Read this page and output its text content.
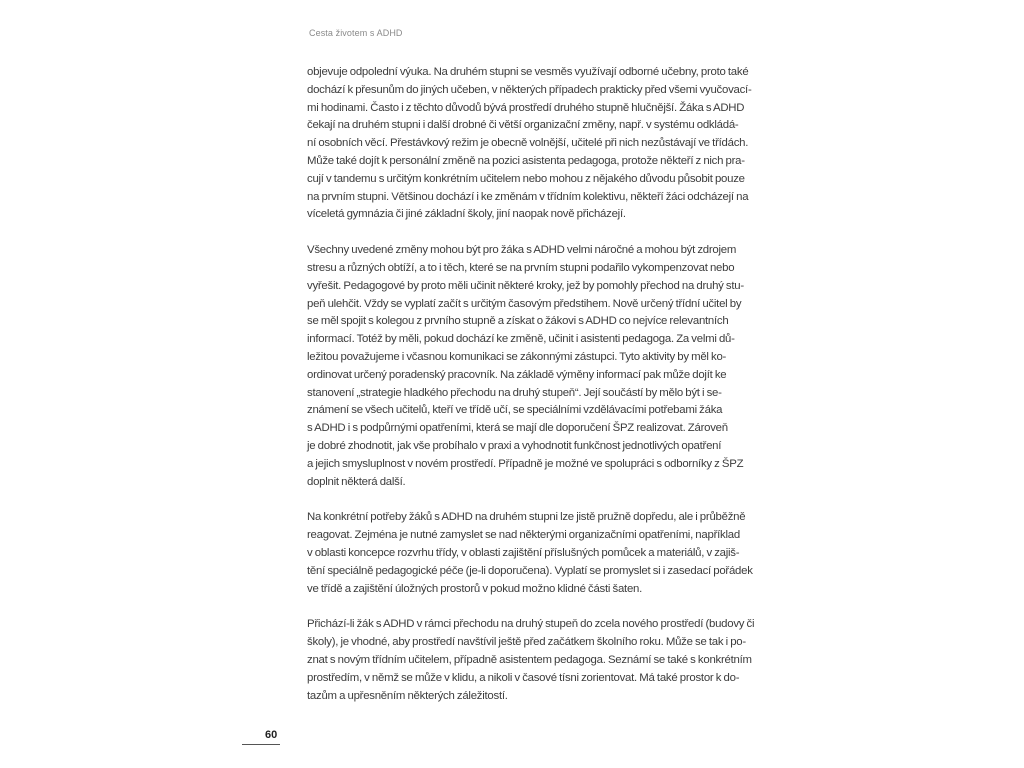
Cesta životem s ADHD

objevuje odpolední výuka. Na druhém stupni se vesměs využívají odborné učebny, proto také
dochází k přesunům do jiných učeben, v některých případech prakticky před všemi vyučovací-
mi hodinami. Často i z těchto důvodů bývá prostředí druhého stupně hlučnější. Žáka s ADHD
čekají na druhém stupni i další drobné či větší organizační změny, např. v systému odkládá-
ní osobních věcí. Přestávkový režim je obecně volnější, učitelé při nich nezůstávají ve třídách.
Může také dojít k personální změně na pozici asistenta pedagoga, protože někteří z nich pra-
cují v tandemu s určitým konkrétním učitelem nebo mohou z nějakého důvodu působit pouze
na prvním stupni. Většinou dochází i ke změnám v třídním kolektivu, někteří žáci odcházejí na
víceletá gymnázia či jiné základní školy, jiní naopak nově přicházejí.

Všechny uvedené změny mohou být pro žáka s ADHD velmi náročné a mohou být zdrojem
stresu a různých obtíží, a to i těch, které se na prvním stupni podařilo vykompenzovat nebo
vyřešit. Pedagogové by proto měli učinit některé kroky, jež by pomohly přechod na druhý stu-
peň ulehčit. Vždy se vyplatí začít s určitým časovým předstihem. Nově určený třídní učitel by
se měl spojit s kolegou z prvního stupně a získat o žákovi s ADHD co nejvíce relevantních
informací. Totéž by měli, pokud dochází ke změně, učinit i asistenti pedagoga. Za velmi dů-
ležitou považujeme i včasnou komunikaci se zákonnými zástupci. Tyto aktivity by měl ko-
ordinovat určený poradenský pracovník. Na základě výměny informací pak může dojít ke
stanovení „strategie hladkého přechodu na druhý stupeň“. Její součástí by mělo být i se-
známení se všech učitelů, kteří ve třídě učí, se speciálními vzdělávacími potřebami žáka
s ADHD i s podpůrnými opatřeními, která se mají dle doporučení ŠPZ realizovat. Zároveň
je dobré zhodnotit, jak vše probíhalo v praxi a vyhodnotit funkčnost jednotlivých opatření
a jejich smysluplnost v novém prostředí. Případně je možné ve spolupráci s odborníky z ŠPZ
doplnit některá další.

Na konkrétní potřeby žáků s ADHD na druhém stupni lze jistě pružně dopředu, ale i průběžně
reagovat. Zejména je nutné zamyslet se nad některými organizačními opatřeními, například
v oblasti koncepce rozvrhu třídy, v oblasti zajištění příslušných pomůcek a materiálů, v zajiš-
tění speciálně pedagogické péče (je-li doporučena). Vyplatí se promyslet si i zasedací pořádek
ve třídě a zajištění úložných prostorů v pokud možno klidné části šaten.

Přichází-li žák s ADHD v rámci přechodu na druhý stupeň do zcela nového prostředí (budovy či
školy), je vhodné, aby prostředí navštívil ještě před začátkem školního roku. Může se tak i po-
znat s novým třídním učitelem, případně asistentem pedagoga. Seznámí se také s konkrétním
prostředím, v němž se může v klidu, a nikoli v časové tísni zorientovat. Má také prostor k do-
tazům a upřesněním některých záležitostí.

60
